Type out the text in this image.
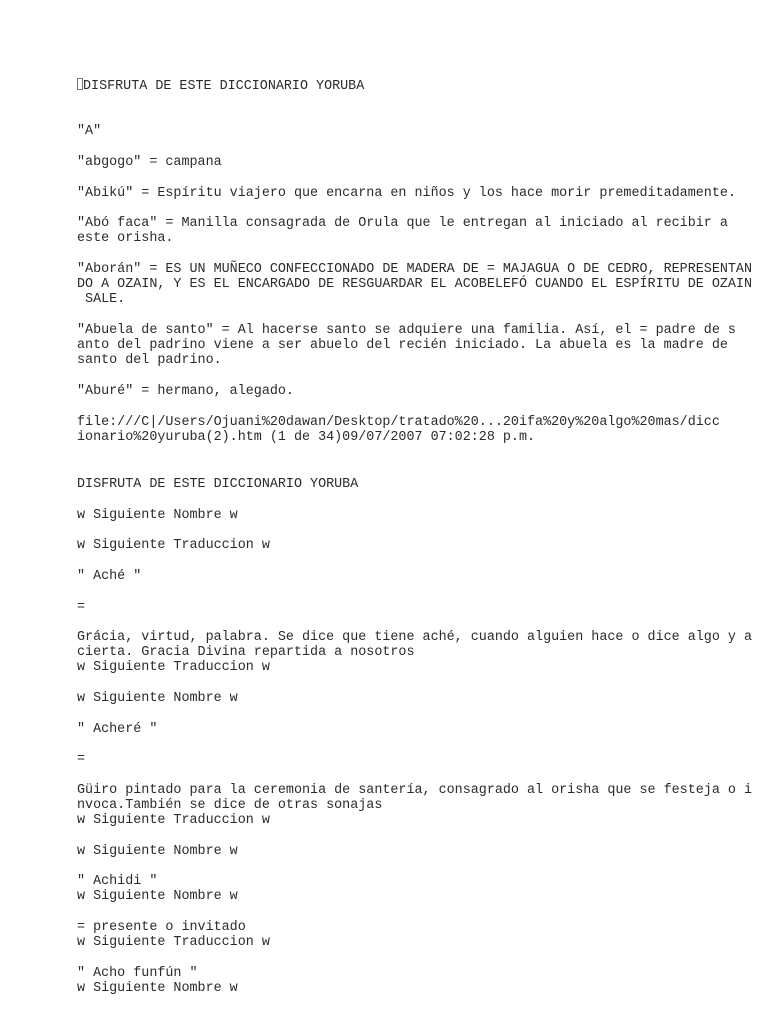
DISFRUTA DE ESTE DICCIONARIO YORUBA
"A"
"abgogo" = campana
"Abikú" = Espíritu viajero que encarna en niños y los hace morir premeditadamente.
"Abó faca" = Manilla consagrada de Orula que le entregan al iniciado al recibir a
este orisha.
"Aborán" = ES UN MUÑECO CONFECCIONADO DE MADERA DE = MAJAGUA O DE CEDRO, REPRESENTAN
DO A OZAIN, Y ES EL ENCARGADO DE RESGUARDAR EL ACOBELEFÓ CUANDO EL ESPÍRITU DE OZAIN
SALE.
"Abuela de santo" = Al hacerse santo se adquiere una familia. Así, el = padre de s
anto del padrino viene a ser abuelo del recién iniciado. La abuela es la madre de
santo del padrino.
"Aburé" = hermano, alegado.
file:///C|/Users/Ojuani%20dawan/Desktop/tratado%20...20ifa%20y%20algo%20mas/dicc
ionario%20yuruba(2).htm (1 de 34)09/07/2007 07:02:28 p.m.
DISFRUTA DE ESTE DICCIONARIO YORUBA
w Siguiente Nombre w
w Siguiente Traduccion w
" Aché "
=
Grácia, virtud, palabra. Se dice que tiene aché, cuando alguien hace o dice algo y a
cierta. Gracia Divina repartida a nosotros
w Siguiente Traduccion w
w Siguiente Nombre w
" Acheré "
=
Güiro pintado para la ceremonia de santería, consagrado al orisha que se festeja o i
nvoca.También se dice de otras sonajas
w Siguiente Traduccion w
w Siguiente Nombre w
" Achidi "
w Siguiente Nombre w
= presente o invitado
w Siguiente Traduccion w
" Acho funfún "
w Siguiente Nombre w
